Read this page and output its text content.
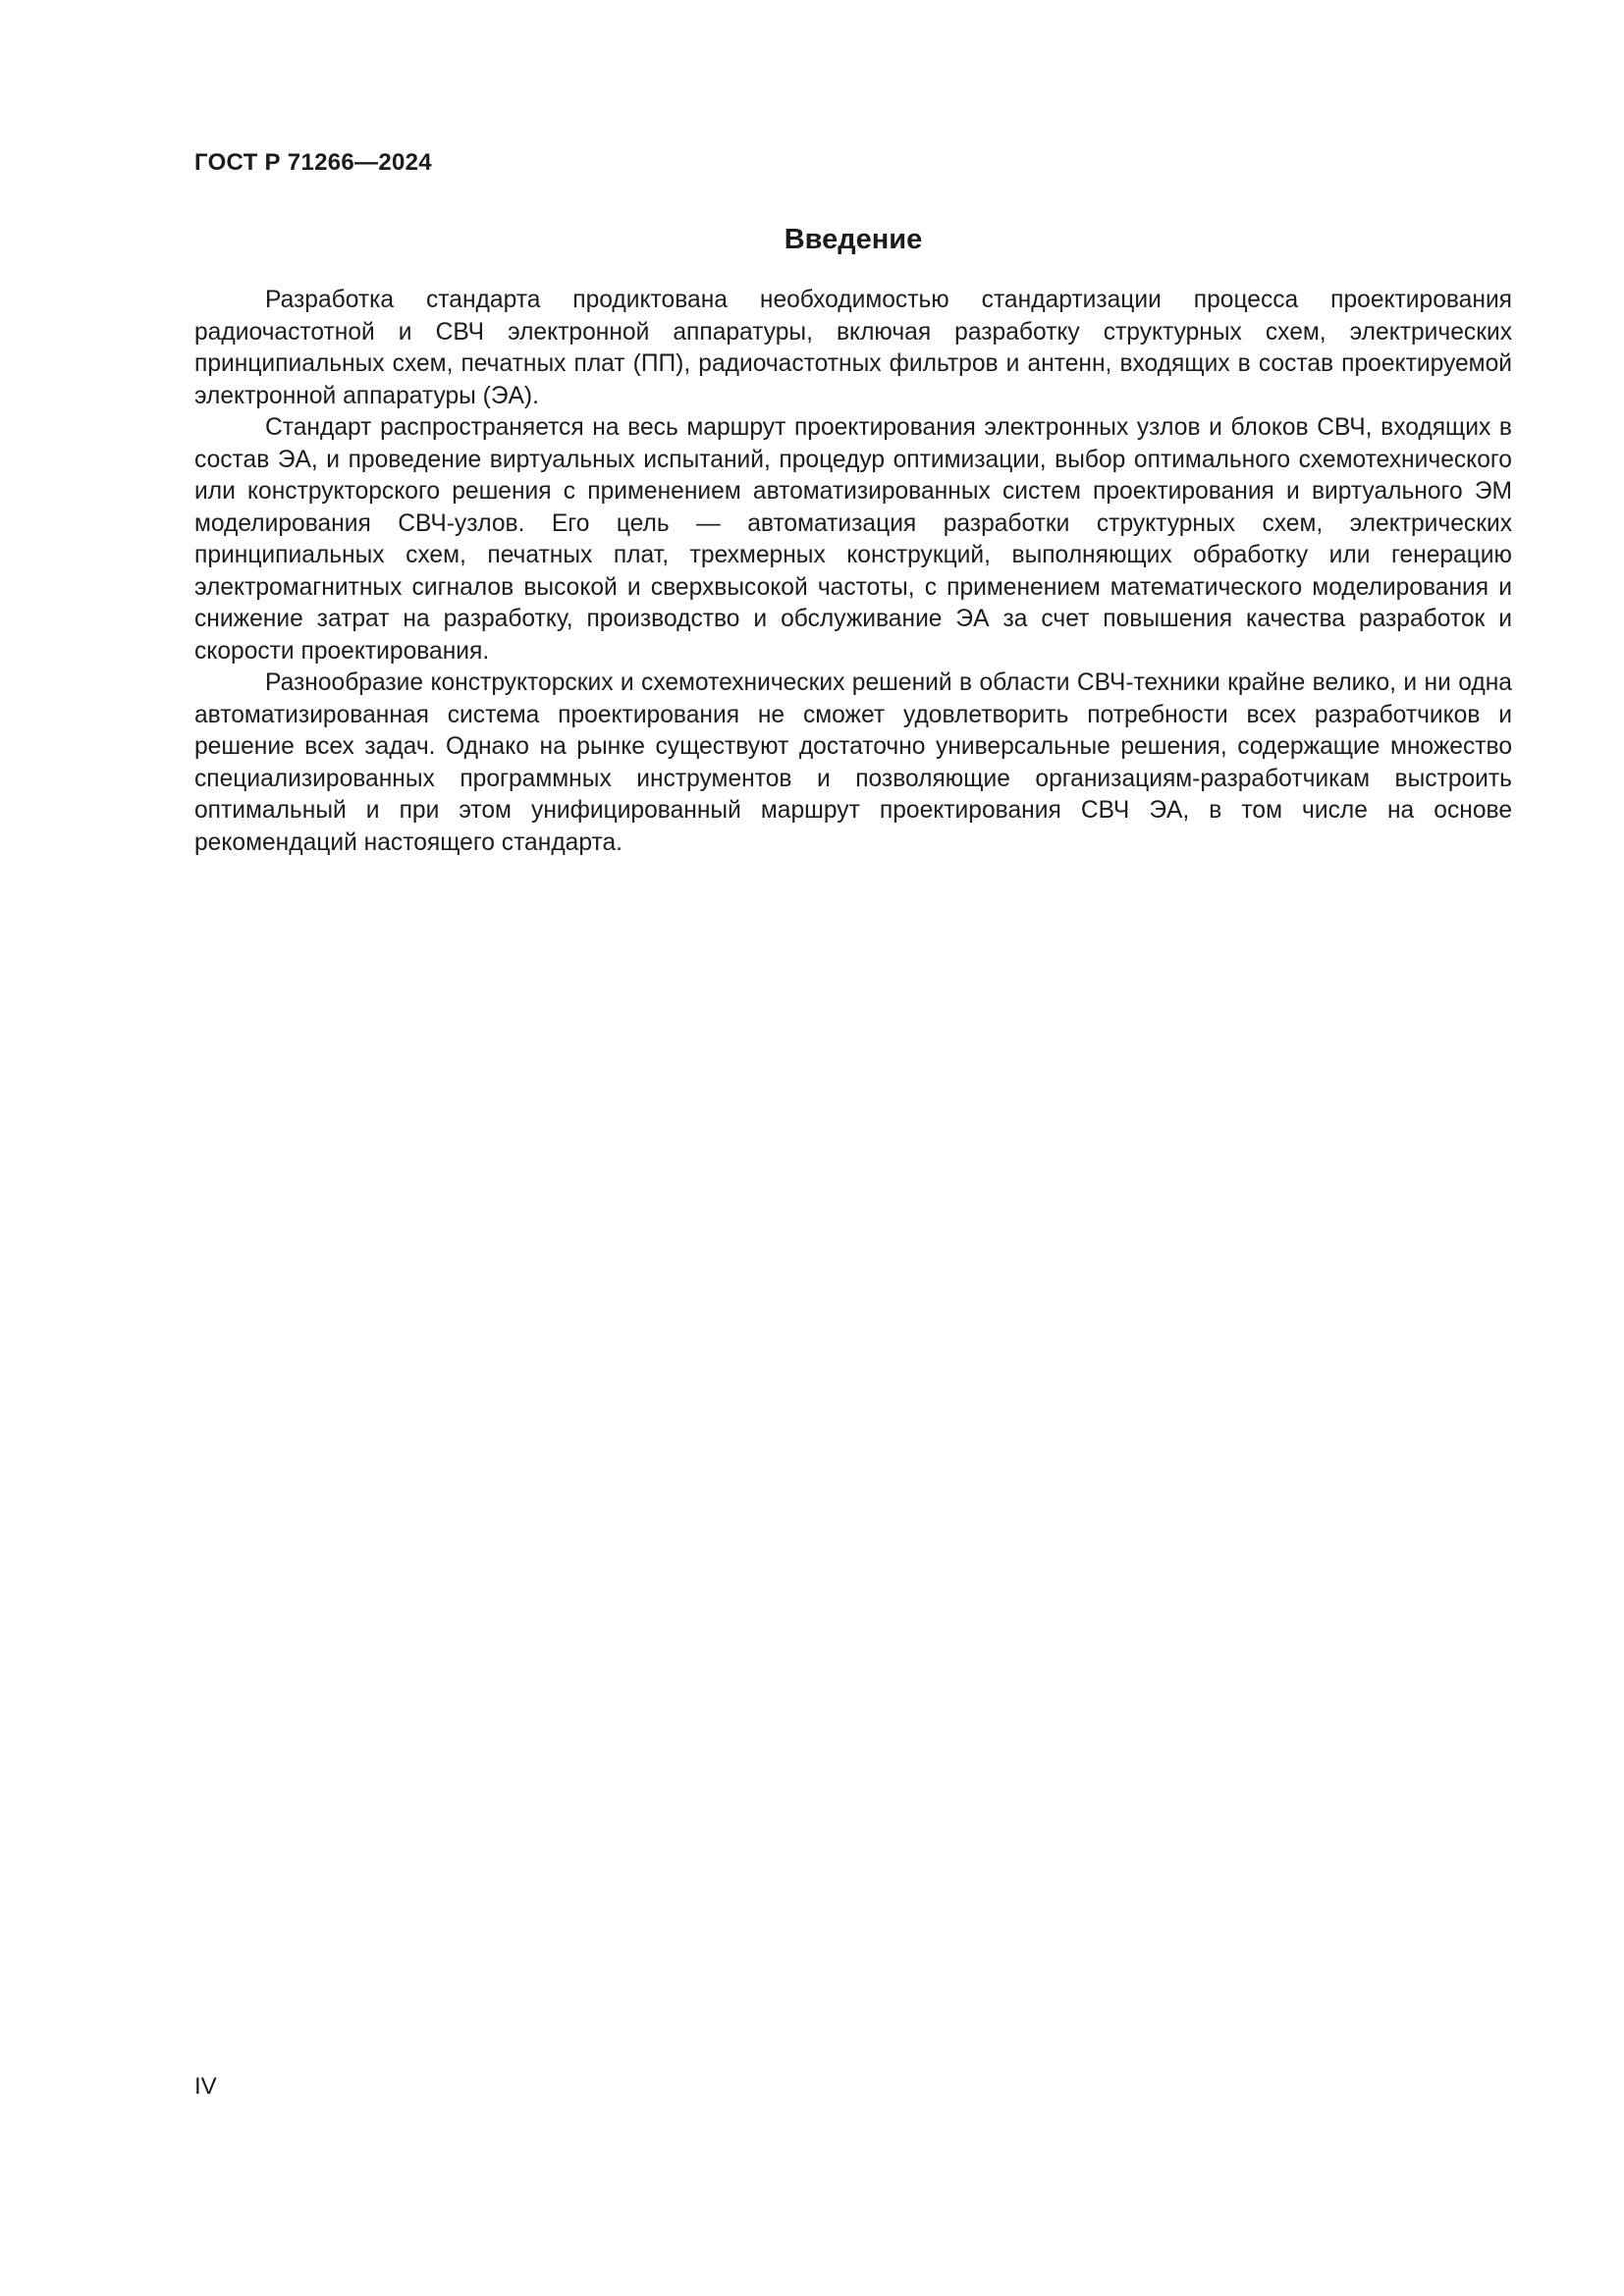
ГОСТ Р 71266—2024
Введение

Разработка стандарта продиктована необходимостью стандартизации процесса проектирования радиочастотной и СВЧ электронной аппаратуры, включая разработку структурных схем, электрических принципиальных схем, печатных плат (ПП), радиочастотных фильтров и антенн, входящих в состав проектируемой электронной аппаратуры (ЭА).

Стандарт распространяется на весь маршрут проектирования электронных узлов и блоков СВЧ, входящих в состав ЭА, и проведение виртуальных испытаний, процедур оптимизации, выбор оптимального схемотехнического или конструкторского решения с применением автоматизированных систем проектирования и виртуального ЭМ моделирования СВЧ-узлов. Его цель — автоматизация разработки структурных схем, электрических принципиальных схем, печатных плат, трехмерных конструкций, выполняющих обработку или генерацию электромагнитных сигналов высокой и сверхвысокой частоты, с применением математического моделирования и снижение затрат на разработку, производство и обслуживание ЭА за счет повышения качества разработок и скорости проектирования.

Разнообразие конструкторских и схемотехнических решений в области СВЧ-техники крайне велико, и ни одна автоматизированная система проектирования не сможет удовлетворить потребности всех разработчиков и решение всех задач. Однако на рынке существуют достаточно универсальные решения, содержащие множество специализированных программных инструментов и позволяющие организациям-разработчикам выстроить оптимальный и при этом унифицированный маршрут проектирования СВЧ ЭА, в том числе на основе рекомендаций настоящего стандарта.

IV
